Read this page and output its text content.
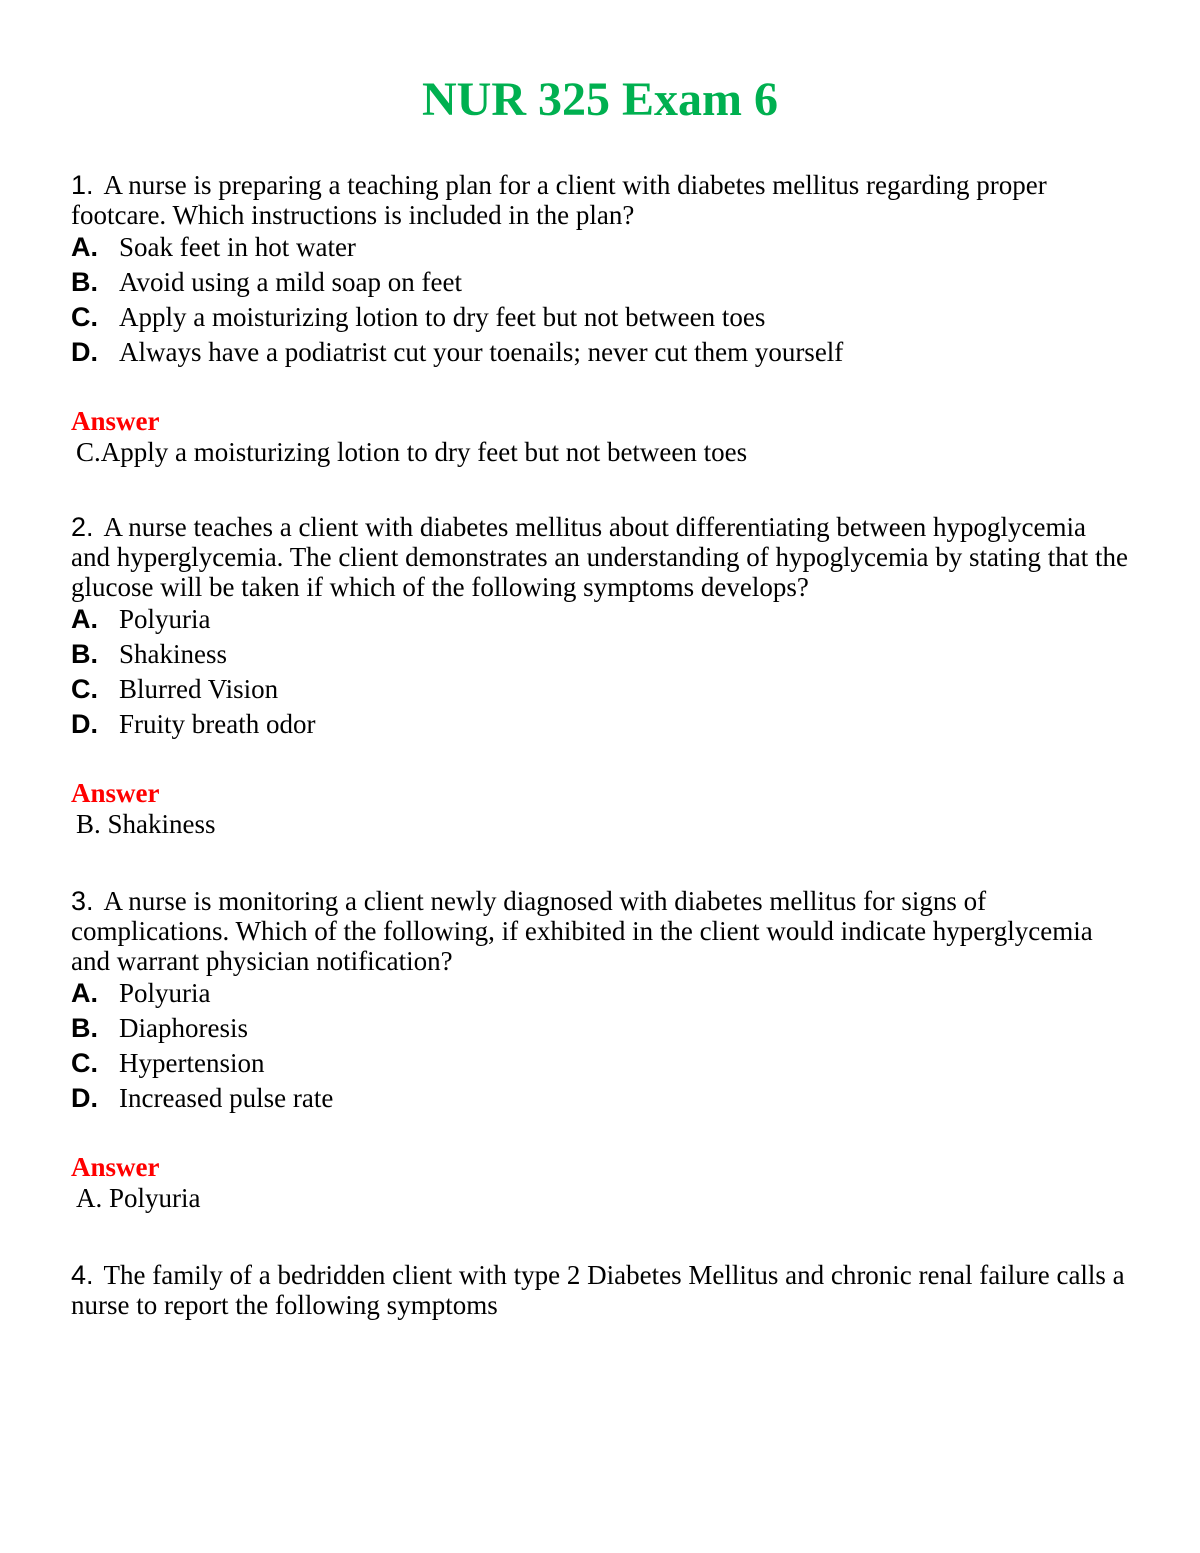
NUR 325 Exam 6

1. A nurse is preparing a teaching plan for a client with diabetes mellitus regarding proper footcare. Which instructions is included in the plan?

A. Soak feet in hot water

B. Avoid using a mild soap on feet

C. Apply a moisturizing lotion to dry feet but not between toes

D. Always have a podiatrist cut your toenails; never cut them yourself

Answer
C.Apply a moisturizing lotion to dry feet but not between toes

2. A nurse teaches a client with diabetes mellitus about differentiating between hypoglycemia and hyperglycemia. The client demonstrates an understanding of hypoglycemia by stating that the glucose will be taken if which of the following symptoms develops?

A. Polyuria

B. Shakiness

C. Blurred Vision

D. Fruity breath odor

Answer
B. Shakiness

3. A nurse is monitoring a client newly diagnosed with diabetes mellitus for signs of complications. Which of the following, if exhibited in the client would indicate hyperglycemia and warrant physician notification?

A. Polyuria

B. Diaphoresis

C. Hypertension

D. Increased pulse rate

Answer
A. Polyuria

4. The family of a bedridden client with type 2 Diabetes Mellitus and chronic renal failure calls a nurse to report the following symptoms
